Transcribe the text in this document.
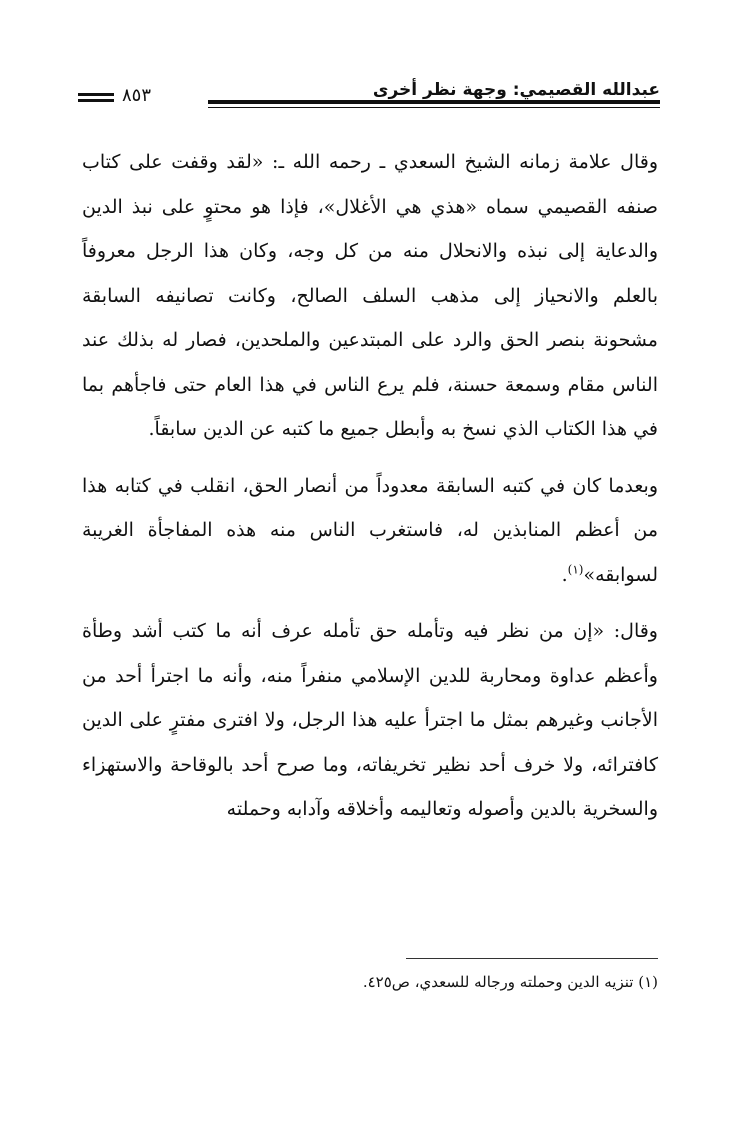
٨٥٣	عبدالله القصيمي: وجهة نظر أخرى

وقال علامة زمانه الشيخ السعدي ـ رحمه الله ـ: «لقد وقفت على كتاب صنفه القصيمي سماه «هذي هي الأغلال»، فإذا هو محتوٍ على نبذ الدين والدعاية إلى نبذه والانحلال منه من كل وجه، وكان هذا الرجل معروفاً بالعلم والانحياز إلى مذهب السلف الصالح، وكانت تصانيفه السابقة مشحونة بنصر الحق والرد على المبتدعين والملحدين، فصار له بذلك عند الناس مقام وسمعة حسنة، فلم يرع الناس في هذا العام حتى فاجأهم بما في هذا الكتاب الذي نسخ به وأبطل جميع ما كتبه عن الدين سابقاً.

وبعدما كان في كتبه السابقة معدوداً من أنصار الحق، انقلب في كتابه هذا من أعظم المنابذين له، فاستغرب الناس منه هذه المفاجأة الغريبة لسوابقه»$^{(١)}$.

وقال: «إن من نظر فيه وتأمله حق تأمله عرف أنه ما كتب أشد وطأة وأعظم عداوة ومحاربة للدين الإسلامي منفراً منه، وأنه ما اجترأ أحد من الأجانب وغيرهم بمثل ما اجترأ عليه هذا الرجل، ولا افترى مفترٍ على الدين كافترائه، ولا خرف أحد نظير تخريفاته، وما صرح أحد بالوقاحة والاستهزاء والسخرية بالدين وأصوله وتعاليمه وأخلاقه وآدابه وحملته

(١) تنزيه الدين وحملته ورجاله للسعدي، ص٤٢٥.
